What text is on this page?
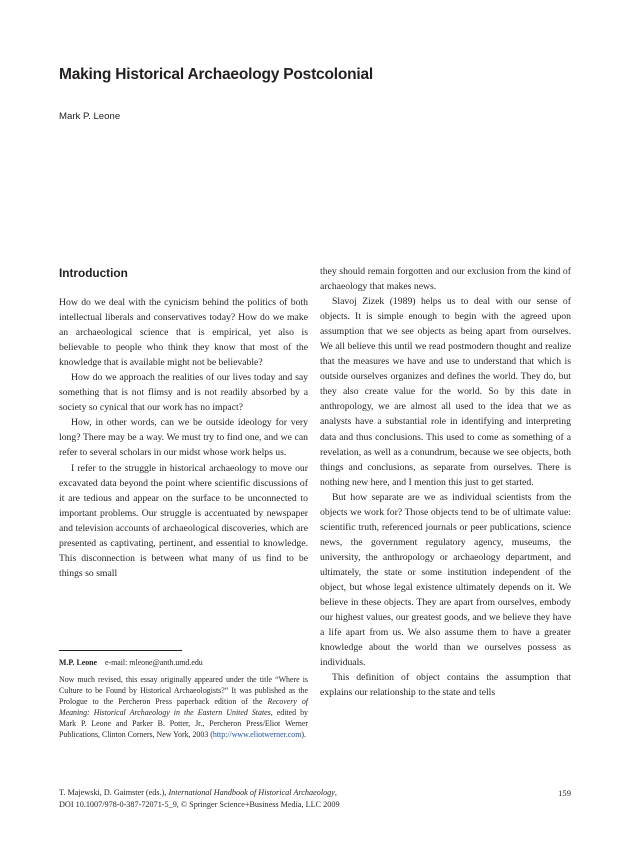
Making Historical Archaeology Postcolonial
Mark P. Leone
Introduction

How do we deal with the cynicism behind the politics of both intellectual liberals and conservatives today? How do we make an archaeological science that is empirical, yet also is believable to people who think they know that most of the knowledge that is available might not be believable?

How do we approach the realities of our lives today and say something that is not flimsy and is not readily absorbed by a society so cynical that our work has no impact?

How, in other words, can we be outside ideology for very long? There may be a way. We must try to find one, and we can refer to several scholars in our midst whose work helps us.

I refer to the struggle in historical archaeology to move our excavated data beyond the point where scientific discussions of it are tedious and appear on the surface to be unconnected to important problems. Our struggle is accentuated by newspaper and television accounts of archaeological discoveries, which are presented as captivating, pertinent, and essential to knowledge. This disconnection is between what many of us find to be things so small

they should remain forgotten and our exclusion from the kind of archaeology that makes news.

Slavoj Zizek (1989) helps us to deal with our sense of objects. It is simple enough to begin with the agreed upon assumption that we see objects as being apart from ourselves. We all believe this until we read postmodern thought and realize that the measures we have and use to understand that which is outside ourselves organizes and defines the world. They do, but they also create value for the world. So by this date in anthropology, we are almost all used to the idea that we as analysts have a substantial role in identifying and interpreting data and thus conclusions. This used to come as something of a revelation, as well as a conundrum, because we see objects, both things and conclusions, as separate from ourselves. There is nothing new here, and I mention this just to get started.

But how separate are we as individual scientists from the objects we work for? Those objects tend to be of ultimate value: scientific truth, referenced journals or peer publications, science news, the government regulatory agency, museums, the university, the anthropology or archaeology department, and ultimately, the state or some institution independent of the object, but whose legal existence ultimately depends on it. We believe in these objects. They are apart from ourselves, embody our highest values, our greatest goods, and we believe they have a life apart from us. We also assume them to have a greater knowledge about the world than we ourselves possess as individuals.

This definition of object contains the assumption that explains our relationship to the state and tells

M.P. Leone e-mail: mleone@anth.umd.edu

Now much revised, this essay originally appeared under the title “Where is Culture to be Found by Historical Archaeologists?” It was published as the Prologue to the Percheron Press paperback edition of the Recovery of Meaning: Historical Archaeology in the Eastern United States, edited by Mark P. Leone and Parker B. Potter, Jr., Percheron Press/Eliot Werner Publications, Clinton Corners, New York, 2003 (http://www.eliotwerner.com).

T. Majewski, D. Gaimster (eds.), International Handbook of Historical Archaeology,
DOI 10.1007/978-0-387-72071-5_9, © Springer Science+Business Media, LLC 2009
159
